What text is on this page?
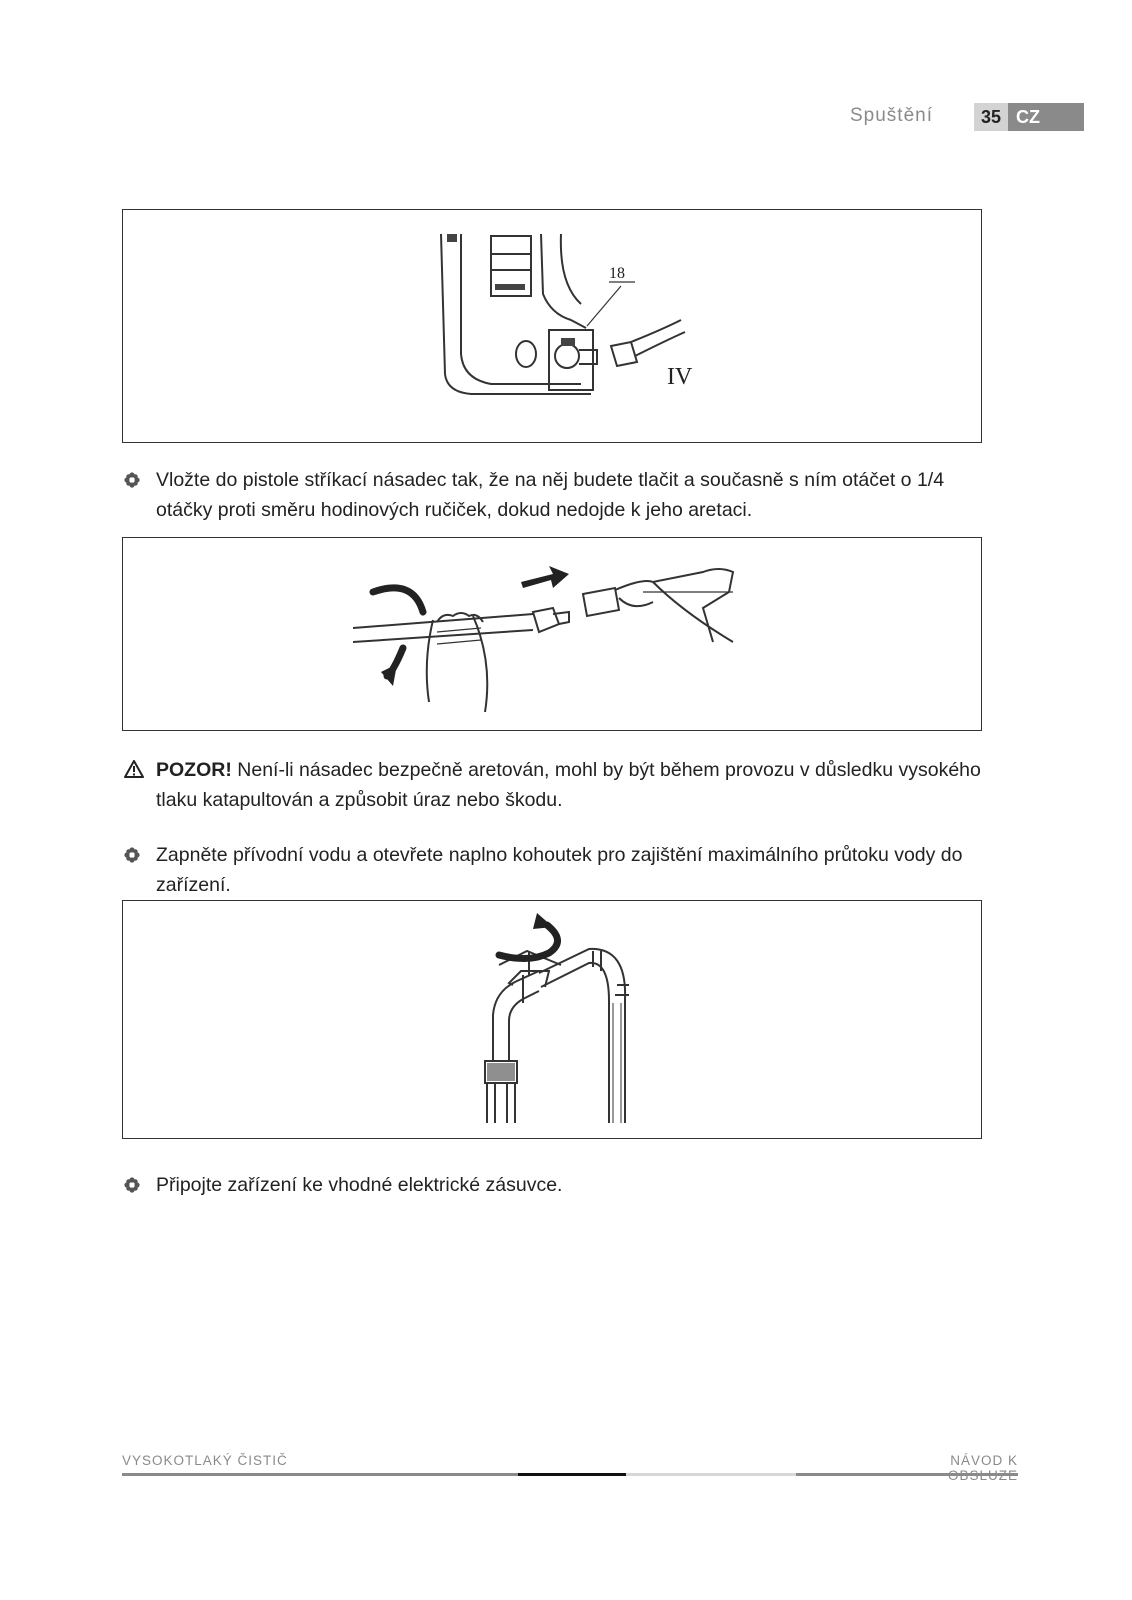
Spuštění	35 CZ
18
IV
Vložte do pistole stříkací násadec tak, že na něj budete tlačit a současně s ním otáčet o 1/4 otáčky proti směru hodinových ručiček, dokud nedojde k jeho aretaci.
POZOR! Není-li násadec bezpečně aretován, mohl by být během provozu v důsledku vysokého tlaku katapultován a způsobit úraz nebo škodu.
Zapněte přívodní vodu a otevřete naplno kohoutek pro zajištění maximálního průtoku vody do zařízení.
Připojte zařízení ke vhodné elektrické zásuvce.
VYSOKOTLAKÝ ČISTIČ	NÁVOD K
